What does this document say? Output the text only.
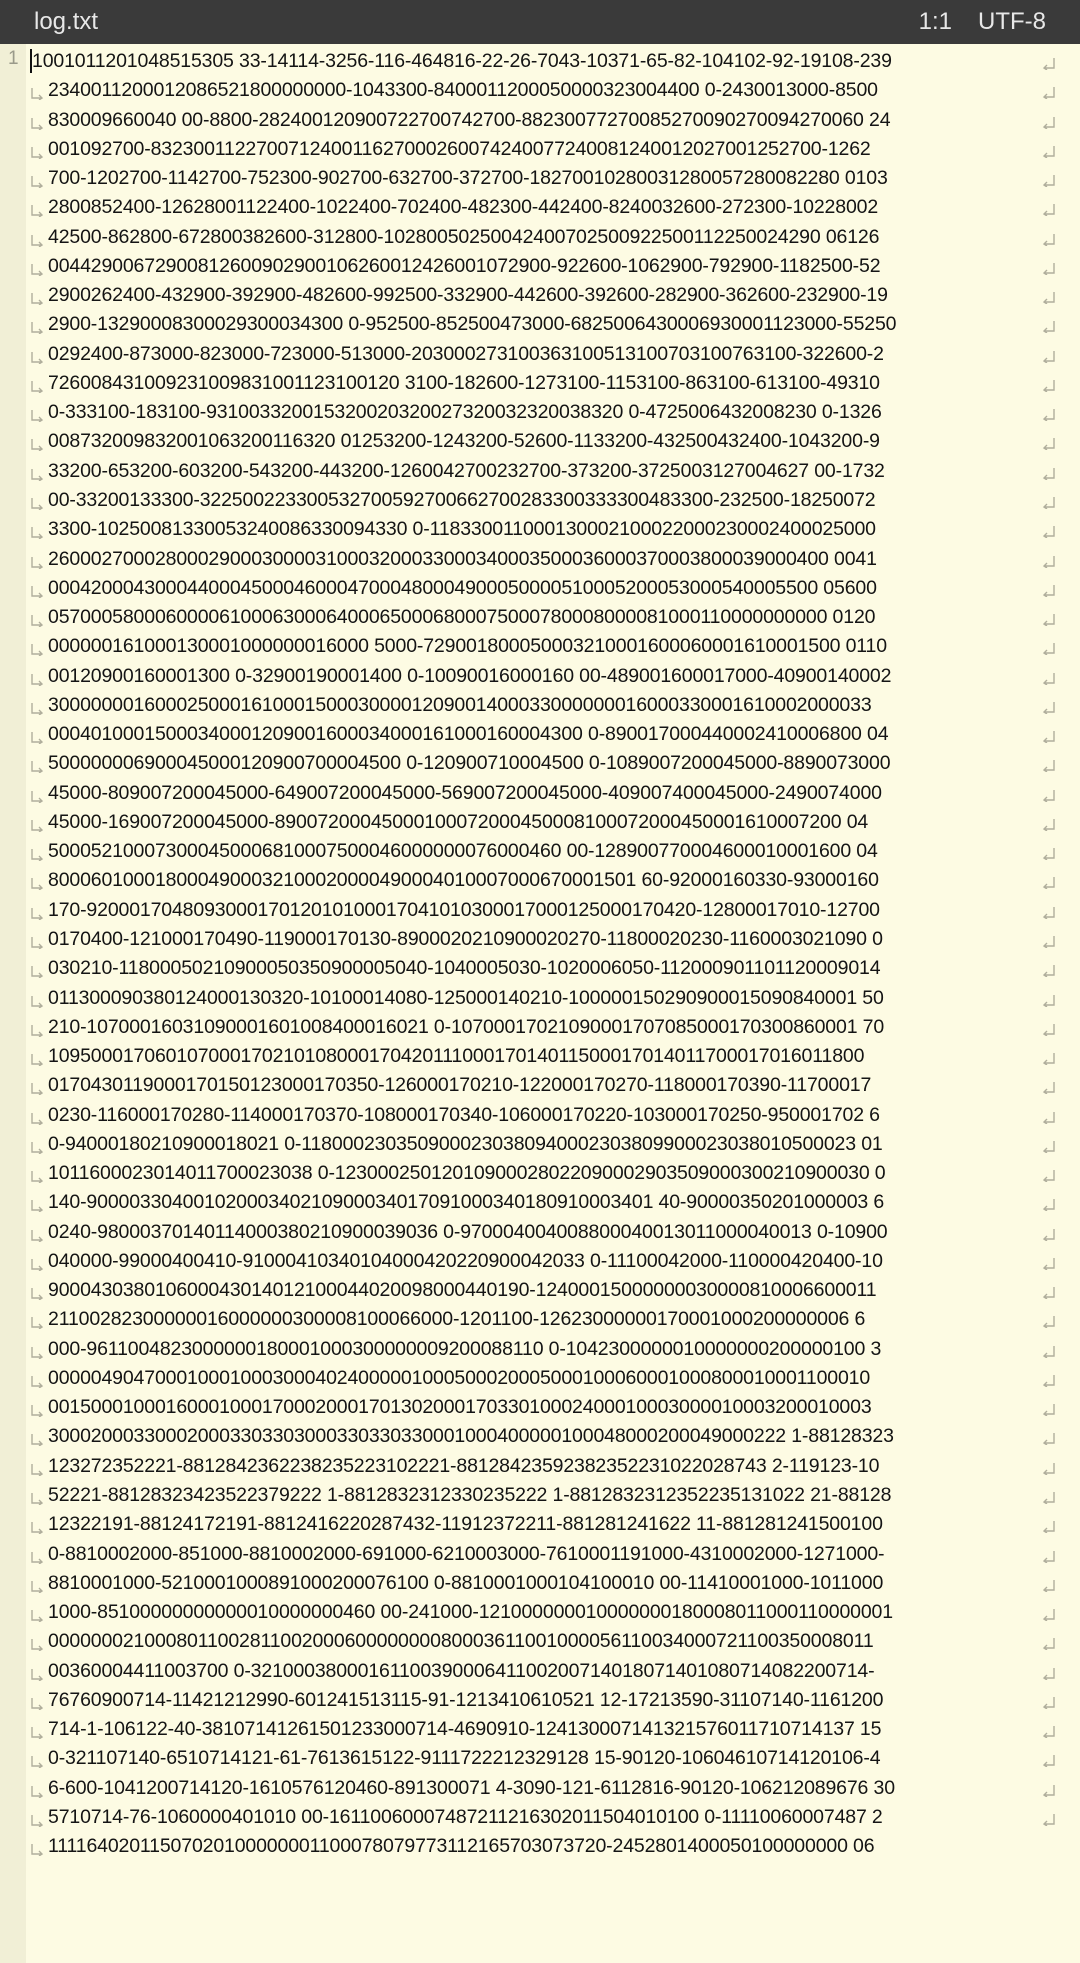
log.txt	1:1 UTF-8
1 1001011201048515305 33-14114-3256-116-464816-22-26-7043-10371-65-82-104102-92-19108-239
2340011200012086521800000000-1043300-8400011200050000323004400 0-2430013000-8500
830009660040 00-8800-282400120900722700742700-88230077270085270090270094270060 24
001092700-832300112270071240011627000260074240077240081240012027001252700-1262
700-1202700-1142700-752300-902700-632700-372700-18270010280031280057280082280 0103
2800852400-12628001122400-1022400-702400-482300-442400-8240032600-272300-10228002
42500-862800-672800382600-312800-10280050250042400702500922500112250024290 06126
00442900672900812600902900106260012426001072900-922600-1062900-792900-1182500-52
2900262400-432900-392900-482600-992500-332900-442600-392600-282900-362600-232900-19
2900-13290008300029300034300 0-952500-852500473000-6825006430006930001123000-55250
0292400-873000-823000-723000-513000-203000273100363100513100703100763100-322600-2
726008431009231009831001123100120 3100-182600-1273100-1153100-863100-613100-49310
0-333100-183100-931003320015320020320027320032320038320 0-4725006432008230 0-1326
008732009832001063200116320 01253200-1243200-52600-1133200-432500432400-1043200-9
33200-653200-603200-543200-443200-1260042700232700-373200-3725003127004627 00-1732
00-33200133300-322500223300532700592700662700283300333300483300-232500-18250072
3300-10250081330053240086330094330 0-118330011000130002100022000230002400025000
2600027000280002900030000310003200033000340003500036000370003800039000400 0041
000420004300044000450004600047000480004900050000510005200053000540005500 05600
0570005800060000610006300064000650006800075000780008000081000110000000000 0120
000000161000130001000000016000 5000-729001800050003210001600060001610001500 0110
00120900160001300 0-32900190001400 0-10090016000160 00-489001600017000-40900140002
30000000160002500016100015000300001209001400033000000016000330001610002000033
00040100015000340001209001600034000161000160004300 0-890017000440002410006800 04
500000006900045000120900700004500 0-120900710004500 0-1089007200045000-8890073000
45000-809007200045000-649007200045000-569007200045000-409007400045000-2490074000
45000-169007200045000-89007200045000100072000450008100072000450001610007200 04
500052100073000450006810007500046000000076000460 00-128900770004600010001600 04
8000601000180004900032100020000490004010007000670001501 60-92000160330-93000160
170-920001704809300017012010100017041010300017000125000170420-12800017010-12700
0170400-121000170490-119000170130-8900020210900020270-11800020230-1160003021090 0
030210-11800050210900050350900005040-1040005030-1020006050-112000901101120009014
011300090380124000130320-10100014080-125000140210-100000150290900015090840001 50
210-10700016031090001601008400016021 0-10700017021090001707085000170300860001 70
10950001706010700017021010800017042011100017014011500017014011700017016011800
0170430119000170150123000170350-126000170210-122000170270-118000170390-11700017
0230-116000170280-114000170370-108000170340-106000170220-103000170250-950001702 6
0-94000180210900018021 0-1180002303509000230380940002303809900023038010500023 01
1011600023014011700023038 0-12300025012010900028022090002903509000300210900030 0
140-90000330400102000340210900034017091000340180910003401 40-90000350201000003 6
0240-98000370140114000380210900039036 0-970004004008800040013011000040013 0-10900
040000-99000400410-91000410340104000420220900042033 0-11100042000-110000420400-10
900043038010600043014012100044020098000440190-12400015000000030000810006600011
21100282300000016000000300008100066000-1201100-12623000000170001000200000006 6
000-9611004823000000180001000300000009200088110 0-1042300000010000000200000100 3
00000490470001000100030004024000001000500020005000100060001000800010001100010
00150001000160001000170002000170130200017033010002400010003000010003200010003
300020003300020003303303000330330330001000400000100048000200049000222 1-88128323
123272352221-8812842362238235223102221-88128423592382352231022028743 2-119123-10
52221-88128323423522379222 1-8812832312330235222 1-8812832312352235131022 21-88128
12322191-88124172191-8812416220287432-11912372211-881281241622 11-881281241500100
0-8810002000-851000-8810002000-691000-6210003000-7610001191000-4310002000-1271000-
8810001000-5210001000891000200076100 0-8810001000104100010 00-11410001000-1011000
1000-85100000000000010000000460 00-241000-121000000010000000180008011000110000001
000000021000801100281100200060000000080003611001000056110034000721100350008011
00360004411003700 0-3210003800016110039000641100200714018071401080714082200714-
76760900714-11421212990-601241513115-91-1213410610521 12-17213590-31107140-1161200
714-1-106122-40-38107141261501233000714-4690910-124130007141321576011710714137 15
0-321107140-6510714121-61-7613615122-9111722212329128 15-90120-10604610714120106-4
6-600-1041200714120-1610576120460-891300071 4-3090-121-6112816-90120-106212089676 30
5710714-76-1060000401010 00-16110060007487211216302011504010100 0-11110060007487 2
11116402011507020100000001100078079773112165703073720-2452801400050100000000 06
